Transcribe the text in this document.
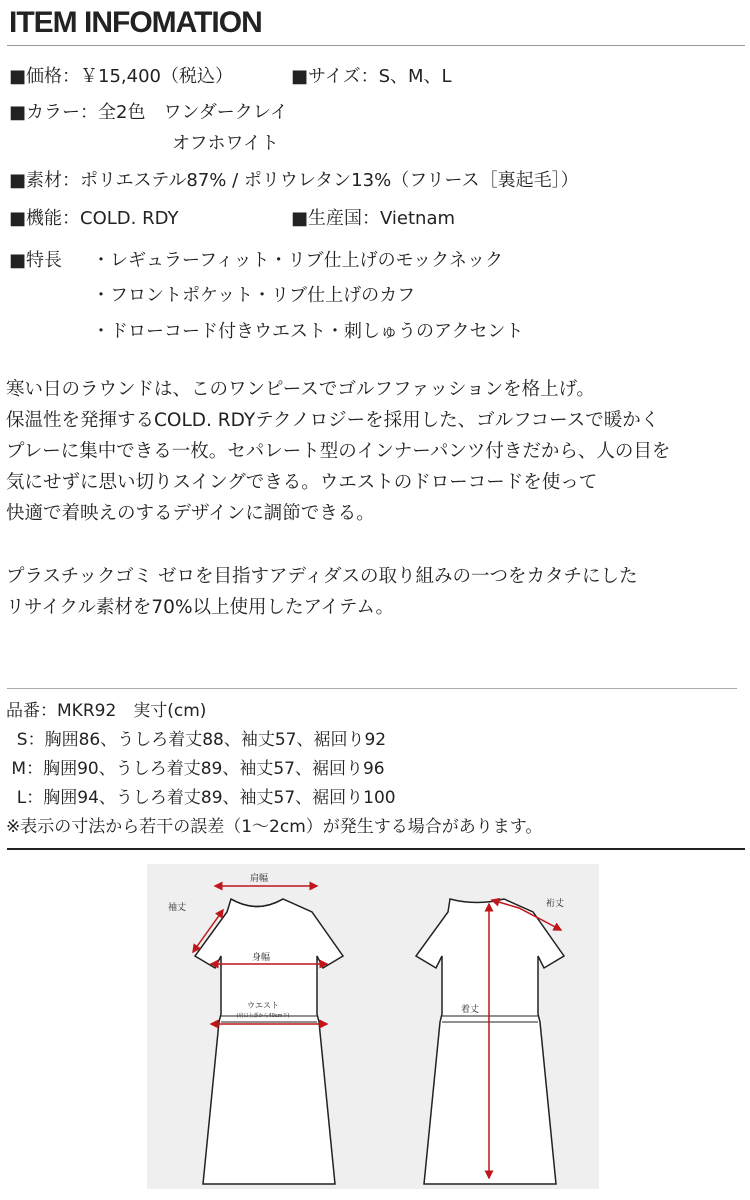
ITEM INFOMATION
■価格：￥15,400（税込）	■サイズ：S、M、L
■カラー：全2色　ワンダークレイ
オフホワイト
■素材：ポリエステル87% / ポリウレタン13%（フリース［裏起毛］）
■機能：COLD. RDY	■生産国：Vietnam
■特長 ・レギュラーフィット・リブ仕上げのモックネック
・フロントポケット・リブ仕上げのカフ
・ドローコード付きウエスト・刺しゅうのアクセント
寒い日のラウンドは、このワンピースでゴルフファッションを格上げ。
保温性を発揮するCOLD. RDYテクノロジーを採用した、ゴルフコースで暖かく
プレーに集中できる一枚。セパレート型のインナーパンツ付きだから、人の目を
気にせずに思い切りスイングできる。ウエストのドローコードを使って
快適で着映えのするデザインに調節できる。
プラスチックゴミ ゼロを目指すアディダスの取り組みの一つをカタチにした
リサイクル素材を70%以上使用したアイテム。
品番：MKR92　実寸(cm)
S：胸囲86、うしろ着丈88、袖丈57、裾回り92
M：胸囲90、うしろ着丈89、袖丈57、裾回り96
L：胸囲94、うしろ着丈89、袖丈57、裾回り100
※表示の寸法から若干の誤差（1〜2cm）が発生する場合があります。
肩幅
袖丈
身幅
ウエスト
(肩口上部から40cm下)
裄丈
着丈
